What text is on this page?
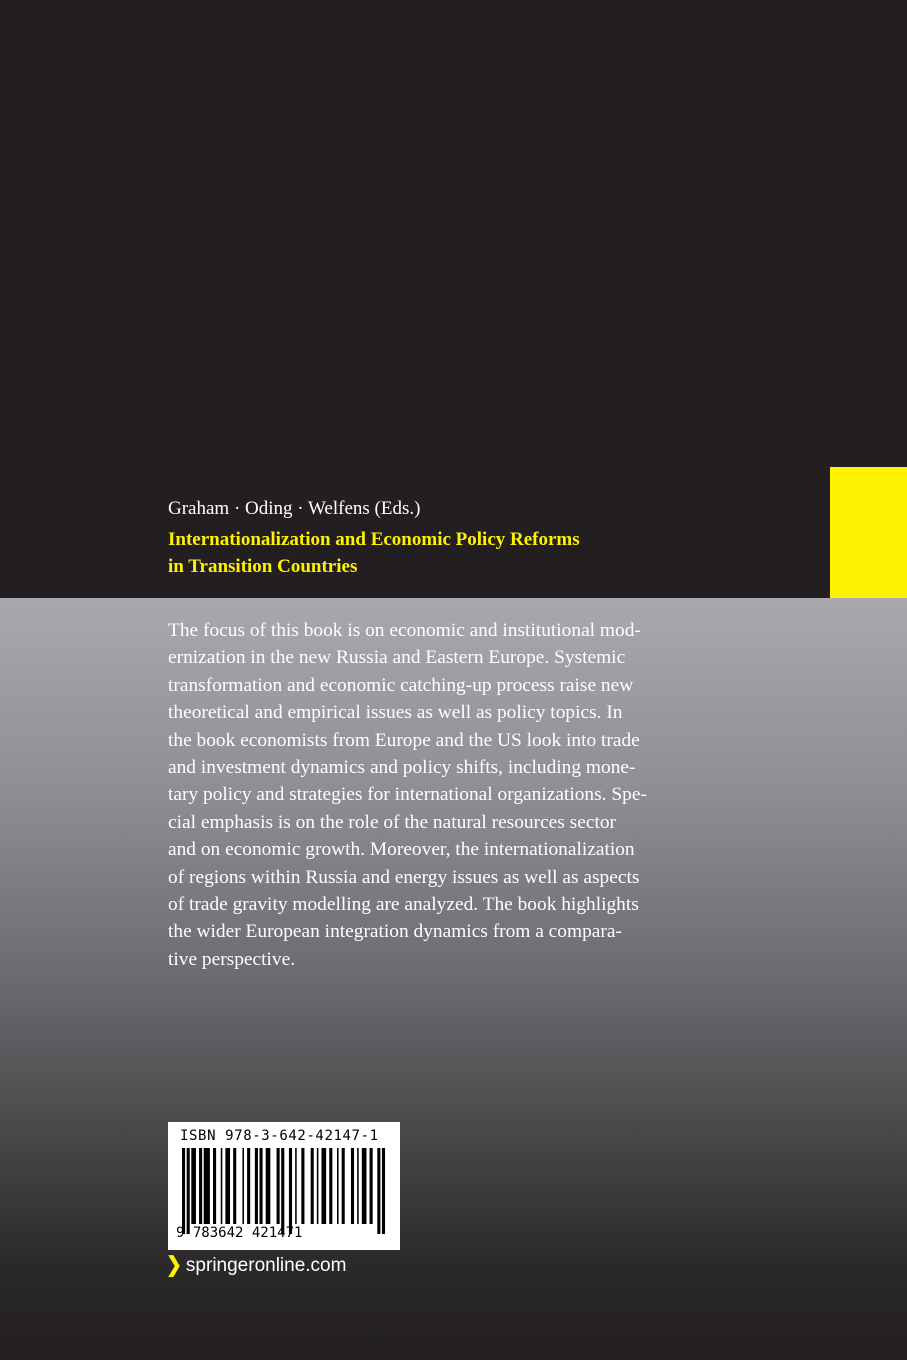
Graham · Oding · Welfens (Eds.)
Internationalization and Economic Policy Reforms
in Transition Countries
The focus of this book is on economic and institutional mod-
ernization in the new Russia and Eastern Europe. Systemic
transformation and economic catching-up process raise new
theoretical and empirical issues as well as policy topics. In
the book economists from Europe and the US look into trade
and investment dynamics and policy shifts, including mone-
tary policy and strategies for international organizations. Spe-
cial emphasis is on the role of the natural resources sector
and on economic growth. Moreover, the internationalization
of regions within Russia and energy issues as well as aspects
of trade gravity modelling are analyzed. The book highlights
the wider European integration dynamics from a compara-
tive perspective.
ISBN 978-3-642-42147-1
9 783642 421471
❯ springeronline.com
